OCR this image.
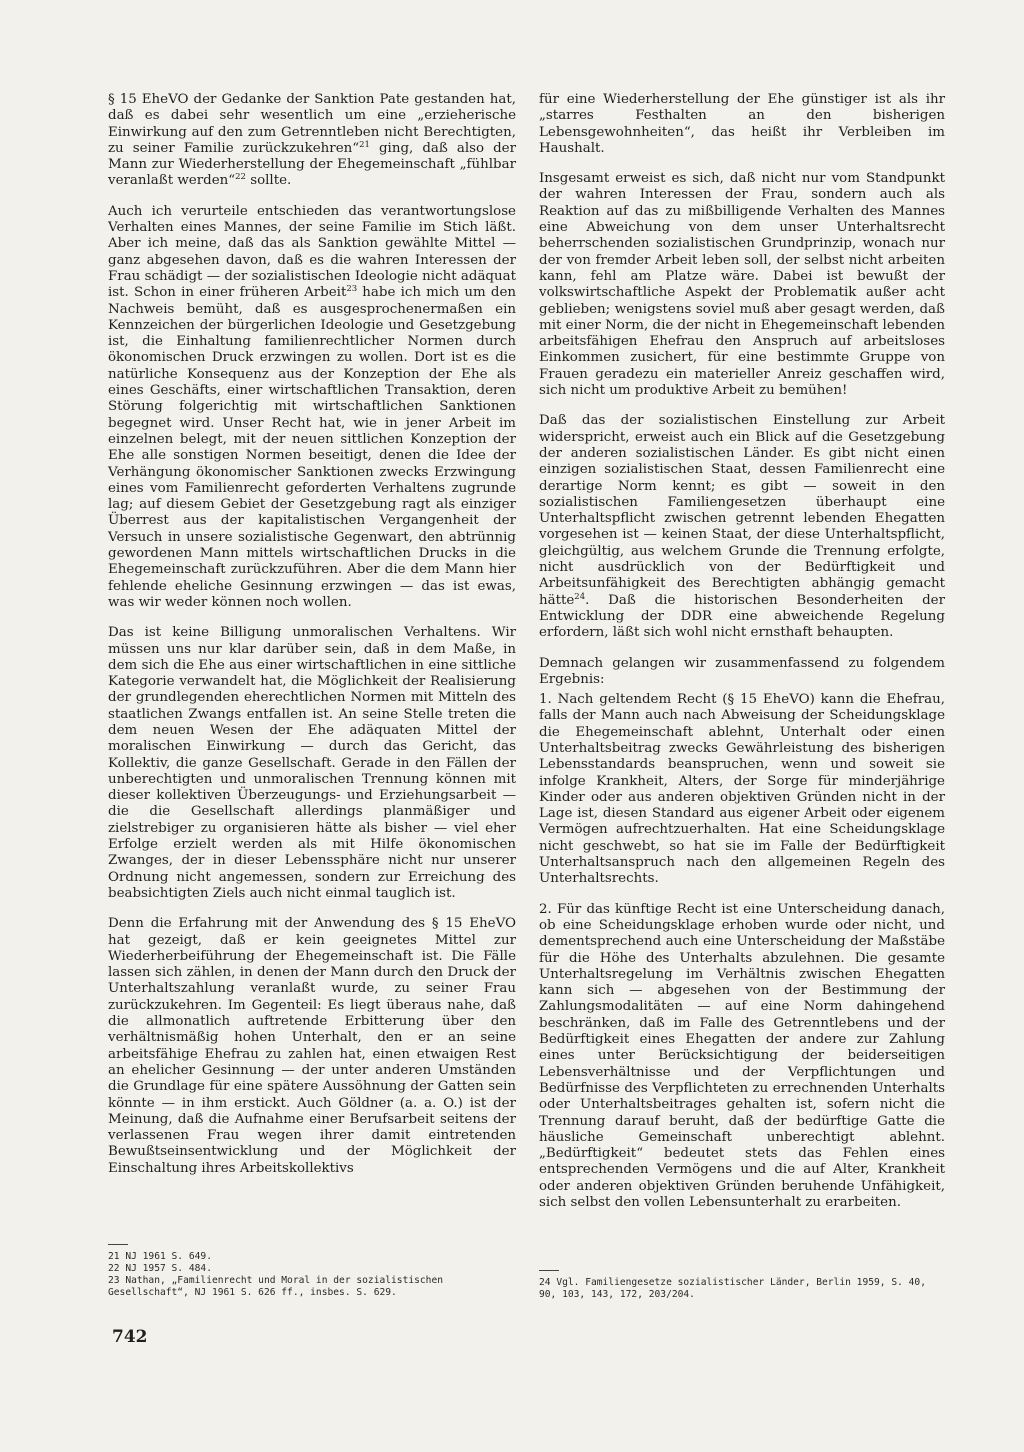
§ 15 EheVO der Gedanke der Sanktion Pate gestanden hat, daß es dabei sehr wesentlich um eine „erzieherische Einwirkung auf den zum Getrenntleben nicht Berechtigten, zu seiner Familie zurückzukehren“$^{21}$ ging, daß also der Mann zur Wiederherstellung der Ehegemeinschaft „fühlbar veranlaßt werden“$^{22}$ sollte.

Auch ich verurteile entschieden das verantwortungslose Verhalten eines Mannes, der seine Familie im Stich läßt. Aber ich meine, daß das als Sanktion gewählte Mittel — ganz abgesehen davon, daß es die wahren Interessen der Frau schädigt — der sozialistischen Ideologie nicht adäquat ist. Schon in einer früheren Arbeit$^{23}$ habe ich mich um den Nachweis bemüht, daß es ausgesprochenermaßen ein Kennzeichen der bürgerlichen Ideologie und Gesetzgebung ist, die Einhaltung familienrechtlicher Normen durch ökonomischen Druck erzwingen zu wollen. Dort ist es die natürliche Konsequenz aus der Konzeption der Ehe als eines Geschäfts, einer wirtschaftlichen Transaktion, deren Störung folgerichtig mit wirtschaftlichen Sanktionen begegnet wird. Unser Recht hat, wie in jener Arbeit im einzelnen belegt, mit der neuen sittlichen Konzeption der Ehe alle sonstigen Normen beseitigt, denen die Idee der Verhängung ökonomischer Sanktionen zwecks Erzwingung eines vom Familienrecht geforderten Verhaltens zugrunde lag; auf diesem Gebiet der Gesetzgebung ragt als einziger Überrest aus der kapitalistischen Vergangenheit der Versuch in unsere sozialistische Gegenwart, den abtrünnig gewordenen Mann mittels wirtschaftlichen Drucks in die Ehegemeinschaft zurückzuführen. Aber die dem Mann hier fehlende eheliche Gesinnung erzwingen — das ist ewas, was wir weder können noch wollen.

Das ist keine Billigung unmoralischen Verhaltens. Wir müssen uns nur klar darüber sein, daß in dem Maße, in dem sich die Ehe aus einer wirtschaftlichen in eine sittliche Kategorie verwandelt hat, die Möglichkeit der Realisierung der grundlegenden eherechtlichen Normen mit Mitteln des staatlichen Zwangs entfallen ist. An seine Stelle treten die dem neuen Wesen der Ehe adäquaten Mittel der moralischen Einwirkung — durch das Gericht, das Kollektiv, die ganze Gesellschaft. Gerade in den Fällen der unberechtigten und unmoralischen Trennung können mit dieser kollektiven Überzeugungs- und Erziehungsarbeit — die die Gesellschaft allerdings planmäßiger und zielstrebiger zu organisieren hätte als bisher — viel eher Erfolge erzielt werden als mit Hilfe ökonomischen Zwanges, der in dieser Lebenssphäre nicht nur unserer Ordnung nicht angemessen, sondern zur Erreichung des beabsichtigten Ziels auch nicht einmal tauglich ist.

Denn die Erfahrung mit der Anwendung des § 15 EheVO hat gezeigt, daß er kein geeignetes Mittel zur Wiederherbeiführung der Ehegemeinschaft ist. Die Fälle lassen sich zählen, in denen der Mann durch den Druck der Unterhaltszahlung veranlaßt wurde, zu seiner Frau zurückzukehren. Im Gegenteil: Es liegt überaus nahe, daß die allmonatlich auftretende Erbitterung über den verhältnismäßig hohen Unterhalt, den er an seine arbeitsfähige Ehefrau zu zahlen hat, einen etwaigen Rest an ehelicher Gesinnung — der unter anderen Umständen die Grundlage für eine spätere Aussöhnung der Gatten sein könnte — in ihm erstickt. Auch Göldner (a. a. O.) ist der Meinung, daß die Aufnahme einer Berufsarbeit seitens der verlassenen Frau wegen ihrer damit eintretenden Bewußtseinsentwicklung und der Möglichkeit der Einschaltung ihres Arbeitskollektivs

für eine Wiederherstellung der Ehe günstiger ist als ihr „starres Festhalten an den bisherigen Lebensgewohnheiten“, das heißt ihr Verbleiben im Haushalt.

Insgesamt erweist es sich, daß nicht nur vom Standpunkt der wahren Interessen der Frau, sondern auch als Reaktion auf das zu mißbilligende Verhalten des Mannes eine Abweichung von dem unser Unterhaltsrecht beherrschenden sozialistischen Grundprinzip, wonach nur der von fremder Arbeit leben soll, der selbst nicht arbeiten kann, fehl am Platze wäre. Dabei ist bewußt der volkswirtschaftliche Aspekt der Problematik außer acht geblieben; wenigstens soviel muß aber gesagt werden, daß mit einer Norm, die der nicht in Ehegemeinschaft lebenden arbeitsfähigen Ehefrau den Anspruch auf arbeitsloses Einkommen zusichert, für eine bestimmte Gruppe von Frauen geradezu ein materieller Anreiz geschaffen wird, sich nicht um produktive Arbeit zu bemühen!

Daß das der sozialistischen Einstellung zur Arbeit widerspricht, erweist auch ein Blick auf die Gesetzgebung der anderen sozialistischen Länder. Es gibt nicht einen einzigen sozialistischen Staat, dessen Familienrecht eine derartige Norm kennt; es gibt — soweit in den sozialistischen Familiengesetzen überhaupt eine Unterhaltspflicht zwischen getrennt lebenden Ehegatten vorgesehen ist — keinen Staat, der diese Unterhaltspflicht, gleichgültig, aus welchem Grunde die Trennung erfolgte, nicht ausdrücklich von der Bedürftigkeit und Arbeitsunfähigkeit des Berechtigten abhängig gemacht hätte$^{24}$. Daß die historischen Besonderheiten der Entwicklung der DDR eine abweichende Regelung erfordern, läßt sich wohl nicht ernsthaft behaupten.

Demnach gelangen wir zusammenfassend zu folgendem Ergebnis:

1. Nach geltendem Recht (§ 15 EheVO) kann die Ehefrau, falls der Mann auch nach Abweisung der Scheidungsklage die Ehegemeinschaft ablehnt, Unterhalt oder einen Unterhaltsbeitrag zwecks Gewährleistung des bisherigen Lebensstandards beanspruchen, wenn und soweit sie infolge Krankheit, Alters, der Sorge für minderjährige Kinder oder aus anderen objektiven Gründen nicht in der Lage ist, diesen Standard aus eigener Arbeit oder eigenem Vermögen aufrechtzuerhalten. Hat eine Scheidungsklage nicht geschwebt, so hat sie im Falle der Bedürftigkeit Unterhaltsanspruch nach den allgemeinen Regeln des Unterhaltsrechts.

2. Für das künftige Recht ist eine Unterscheidung danach, ob eine Scheidungsklage erhoben wurde oder nicht, und dementsprechend auch eine Unterscheidung der Maßstäbe für die Höhe des Unterhalts abzulehnen. Die gesamte Unterhaltsregelung im Verhältnis zwischen Ehegatten kann sich — abgesehen von der Bestimmung der Zahlungsmodalitäten — auf eine Norm dahingehend beschränken, daß im Falle des Getrenntlebens und der Bedürftigkeit eines Ehegatten der andere zur Zahlung eines unter Berücksichtigung der beiderseitigen Lebensverhältnisse und der Verpflichtungen und Bedürfnisse des Verpflichteten zu errechnenden Unterhalts oder Unterhaltsbeitrages gehalten ist, sofern nicht die Trennung darauf beruht, daß der bedürftige Gatte die häusliche Gemeinschaft unberechtigt ablehnt. „Bedürftigkeit“ bedeutet stets das Fehlen eines entsprechenden Vermögens und die auf Alter, Krankheit oder anderen objektiven Gründen beruhende Unfähigkeit, sich selbst den vollen Lebensunterhalt zu erarbeiten.

21 NJ 1961 S. 649.

22 NJ 1957 S. 484.

23 Nathan, „Familienrecht und Moral in der sozialistischen Gesellschaft“, NJ 1961 S. 626 ff., insbes. S. 629.

24 Vgl. Familiengesetze sozialistischer Länder, Berlin 1959, S. 40, 90, 103, 143, 172, 203/204.

742
